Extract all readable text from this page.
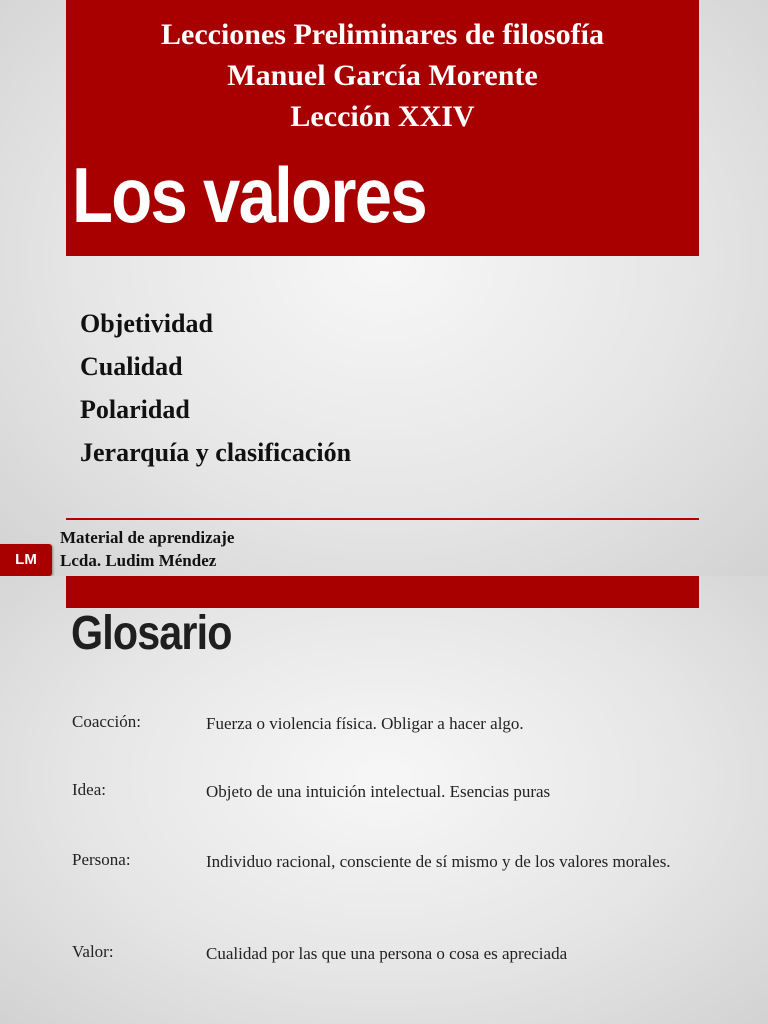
Lecciones Preliminares de filosofía
Manuel García Morente
Lección XXIV
Los valores
Objetividad
Cualidad
Polaridad
Jerarquía y clasificación
Material de aprendizaje
Lcda. Ludim Méndez
LM
Glosario
Coacción:	Fuerza o violencia física. Obligar a hacer algo.
Idea:	Objeto de una intuición intelectual. Esencias puras
Persona:	Individuo racional, consciente de sí mismo y de los valores morales.
Valor:	Cualidad por las que una persona o cosa es apreciada
